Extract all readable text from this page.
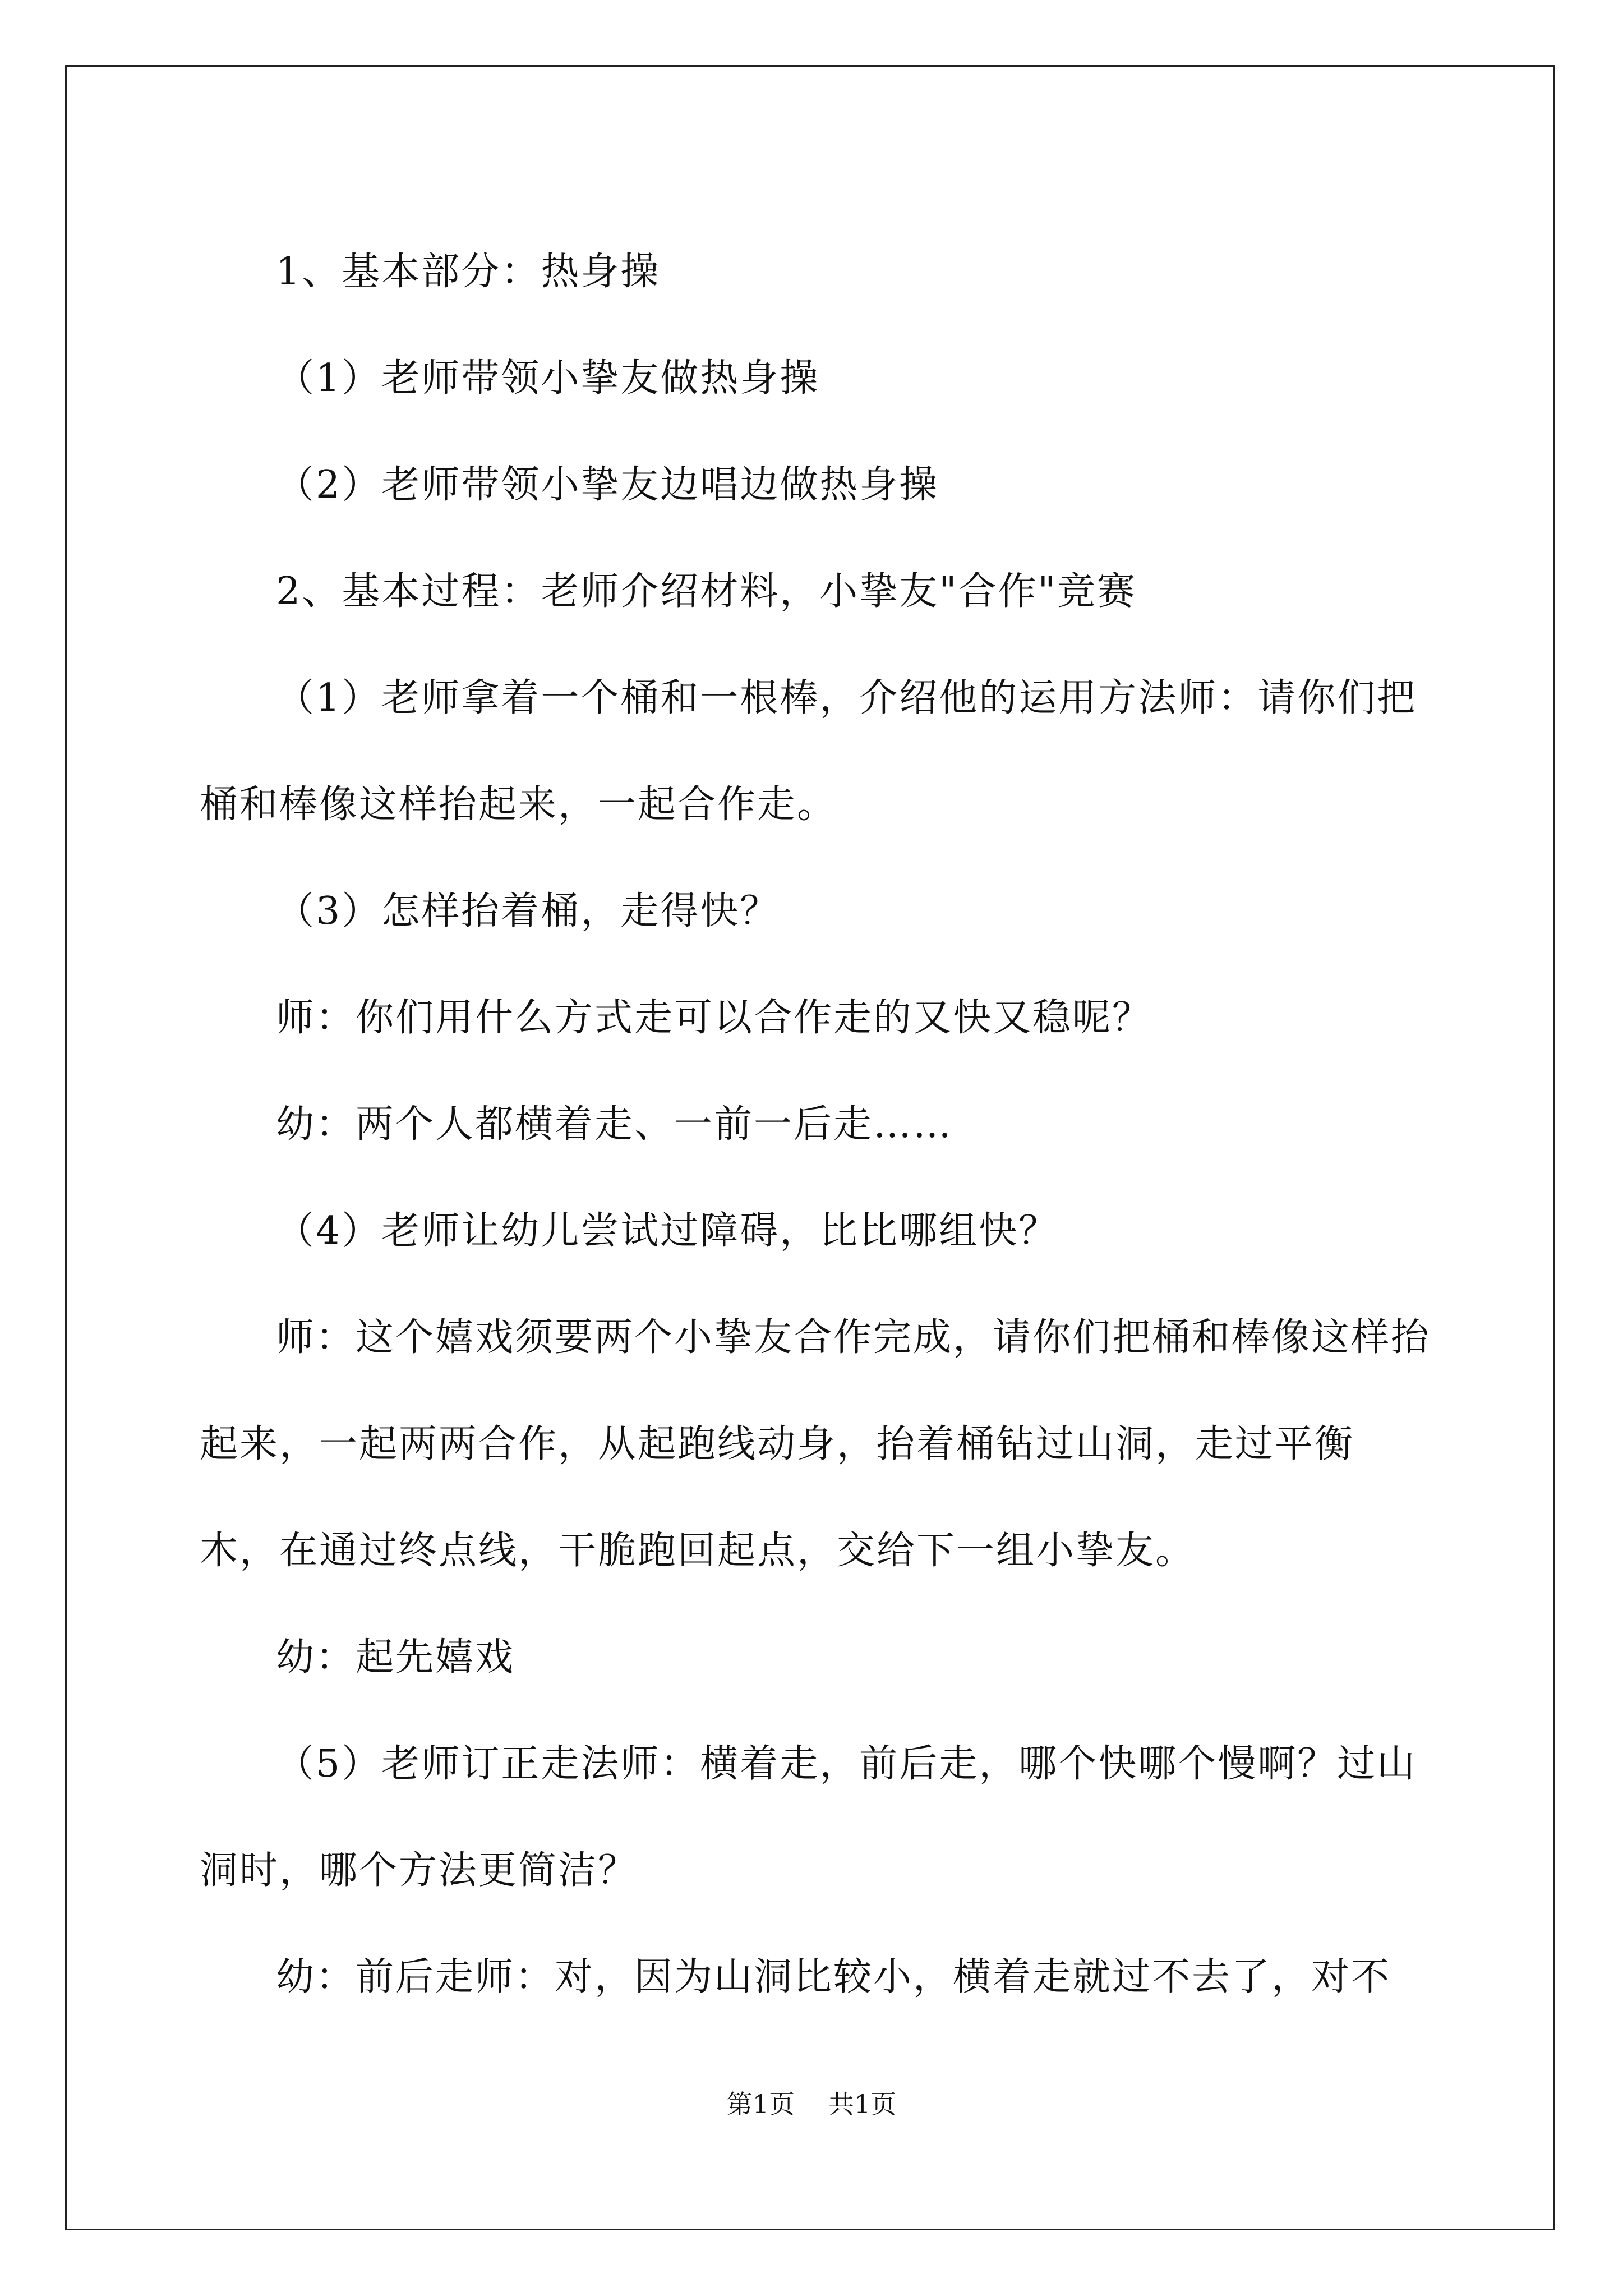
1、基本部分：热身操

（1）老师带领小挚友做热身操

（2）老师带领小挚友边唱边做热身操

2、基本过程：老师介绍材料，小挚友"合作"竞赛

（1）老师拿着一个桶和一根棒，介绍他的运用方法师：请你们把桶和棒像这样抬起来，一起合作走。

（3）怎样抬着桶，走得快？

师：你们用什么方式走可以合作走的又快又稳呢？

幼：两个人都横着走、一前一后走……

（4）老师让幼儿尝试过障碍，比比哪组快？

师：这个嬉戏须要两个小挚友合作完成，请你们把桶和棒像这样抬起来，一起两两合作，从起跑线动身，抬着桶钻过山洞，走过平衡木，在通过终点线，干脆跑回起点，交给下一组小挚友。

幼：起先嬉戏

（5）老师订正走法师：横着走，前后走，哪个快哪个慢啊？过山洞时，哪个方法更简洁？

幼：前后走师：对，因为山洞比较小，横着走就过不去了，对不

第1页 共1页
